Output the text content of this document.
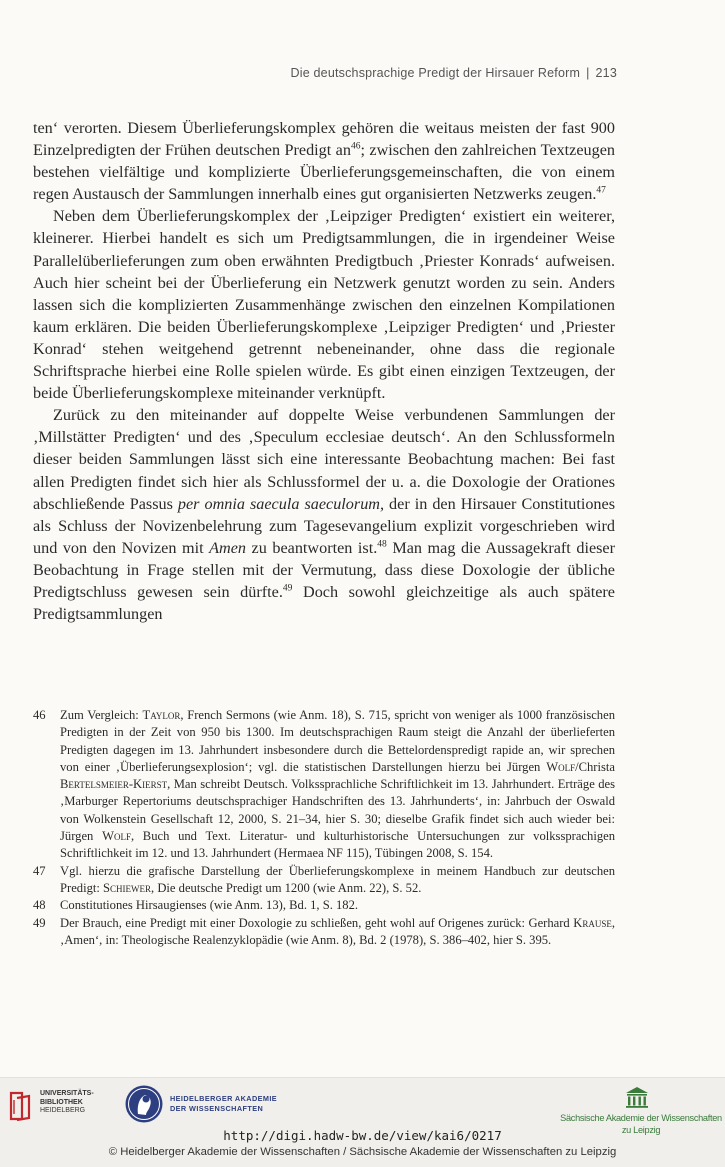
Die deutschsprachige Predigt der Hirsauer Reform | 213

ten‘ verorten. Diesem Überlieferungskomplex gehören die weitaus meisten der fast 900 Einzelpredigten der Frühen deutschen Predigt $an^{46}$; zwischen den zahlreichen Textzeugen bestehen vielfältige und komplizierte Überlieferungsgemeinschaften, die von einem regen Austausch der Sammlungen innerhalb eines gut organisierten Netzwerks zeugen.$^{47}$

Neben dem Überlieferungskomplex der ‚Leipziger Predigten‘ existiert ein weiterer, kleinerer. Hierbei handelt es sich um Predigtsammlungen, die in irgendeiner Weise Parallelüberlieferungen zum oben erwähnten Predigtbuch ‚Priester Konrads‘ aufweisen. Auch hier scheint bei der Überlieferung ein Netzwerk genutzt worden zu sein. Anders lassen sich die komplizierten Zusammenhänge zwischen den einzelnen Kompilationen kaum erklären. Die beiden Überlieferungskomplexe ‚Leipziger Predigten‘ und ‚Priester Konrad‘ stehen weitgehend getrennt nebeneinander, ohne dass die regionale Schriftsprache hierbei eine Rolle spielen würde. Es gibt einen einzigen Textzeugen, der beide Überlieferungskomplexe miteinander verknüpft.

Zurück zu den miteinander auf doppelte Weise verbundenen Sammlungen der ‚Millstätter Predigten‘ und des ‚Speculum ecclesiae deutsch‘. An den Schlussformeln dieser beiden Sammlungen lässt sich eine interessante Beobachtung machen: Bei fast allen Predigten findet sich hier als Schlussformel der u. a. die Doxologie der Orationes abschließende Passus per omnia saecula saeculorum, der in den Hirsauer Constitutiones als Schluss der Novizenbelehrung zum Tagesevangelium explizit vorgeschrieben wird und von den Novizen mit Amen zu beantworten ist.$^{48}$ Man mag die Aussagekraft dieser Beobachtung in Frage stellen mit der Vermutung, dass diese Doxologie der übliche Predigtschluss gewesen sein dürfte.$^{49}$ Doch sowohl gleichzeitige als auch spätere Predigtsammlungen

46 Zum Vergleich: Taylor, French Sermons (wie Anm. 18), S. 715, spricht von weniger als 1000 französischen Predigten in der Zeit von 950 bis 1300. Im deutschsprachigen Raum steigt die Anzahl der überlieferten Predigten dagegen im 13. Jahrhundert insbesondere durch die Bettelordenspredigt rapide an, wir sprechen von einer ‚Überlieferungsexplosion‘; vgl. die statistischen Darstellungen hierzu bei Jürgen Wolf/Christa Bertelsmeier-Kierst, Man schreibt Deutsch. Volkssprachliche Schriftlichkeit im 13. Jahrhundert. Erträge des ‚Marburger Repertoriums deutschsprachiger Handschriften des 13. Jahrhunderts‘, in: Jahrbuch der Oswald von Wolkenstein Gesellschaft 12, 2000, S. 21–34, hier S. 30; dieselbe Grafik findet sich auch wieder bei: Jürgen Wolf, Buch und Text. Literatur- und kulturhistorische Untersuchungen zur volkssprachigen Schriftlichkeit im 12. und 13. Jahrhundert (Hermaea NF 115), Tübingen 2008, S. 154.

47 Vgl. hierzu die grafische Darstellung der Überlieferungskomplexe in meinem Handbuch zur deutschen Predigt: Schiewer, Die deutsche Predigt um 1200 (wie Anm. 22), S. 52.

48 Constitutiones Hirsaugienses (wie Anm. 13), Bd. 1, S. 182.

49 Der Brauch, eine Predigt mit einer Doxologie zu schließen, geht wohl auf Origenes zurück: Gerhard Krause, ‚Amen‘, in: Theologische Realenzyklopädie (wie Anm. 8), Bd. 2 (1978), S. 386–402, hier S. 395.

UNIVERSITÄTS-
BIBLIOTHEK
HEIDELBERG
HEIDELBERGER AKADEMIE
DER WISSENSCHAFTEN
Sächsische Akademie der Wissenschaften
zu Leipzig
http://digi.hadw-bw.de/view/kai6/0217
© Heidelberger Akademie der Wissenschaften / Sächsische Akademie der Wissenschaften zu Leipzig
